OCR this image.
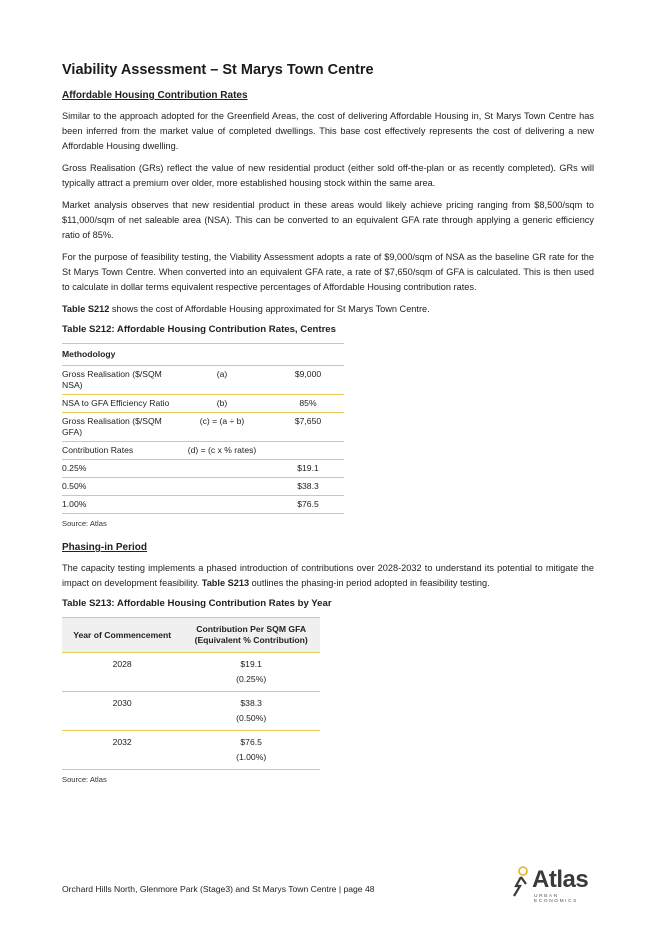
Viability Assessment – St Marys Town Centre
Affordable Housing Contribution Rates

Similar to the approach adopted for the Greenfield Areas, the cost of delivering Affordable Housing in, St Marys Town Centre has been inferred from the market value of completed dwellings. This base cost effectively represents the cost of delivering a new Affordable Housing dwelling.

Gross Realisation (GRs) reflect the value of new residential product (either sold off-the-plan or as recently completed). GRs will typically attract a premium over older, more established housing stock within the same area.

Market analysis observes that new residential product in these areas would likely achieve pricing ranging from $8,500/sqm to $11,000/sqm of net saleable area (NSA). This can be converted to an equivalent GFA rate through applying a generic efficiency ratio of 85%.

For the purpose of feasibility testing, the Viability Assessment adopts a rate of $9,000/sqm of NSA as the baseline GR rate for the St Marys Town Centre. When converted into an equivalent GFA rate, a rate of $7,650/sqm of GFA is calculated. This is then used to calculate in dollar terms equivalent respective percentages of Affordable Housing contribution rates.

Table S212 shows the cost of Affordable Housing approximated for St Marys Town Centre.

Table S212: Affordable Housing Contribution Rates, Centres
Methodology		
Gross Realisation ($/SQM NSA)	(a)	$9,000
NSA to GFA Efficiency Ratio	(b)	85%
Gross Realisation ($/SQM GFA)	(c) = (a ÷ b)	$7,650
Contribution Rates	(d) = (c x % rates)	
0.25%		$19.1
0.50%		$38.3
1.00%		$76.5
Source: Atlas
Phasing-in Period

The capacity testing implements a phased introduction of contributions over 2028-2032 to understand its potential to mitigate the impact on development feasibility. Table S213 outlines the phasing-in period adopted in feasibility testing.

Table S213: Affordable Housing Contribution Rates by Year
Year of Commencement	Contribution Per SQM GFA
(Equivalent % Contribution)
2028	$19.1
(0.25%)
2030	$38.3
(0.50%)
2032	$76.5
(1.00%)
Source: Atlas
Orchard Hills North, Glenmore Park (Stage3) and St Marys Town Centre | page 48	Atlas
URBAN ECONOMICS
